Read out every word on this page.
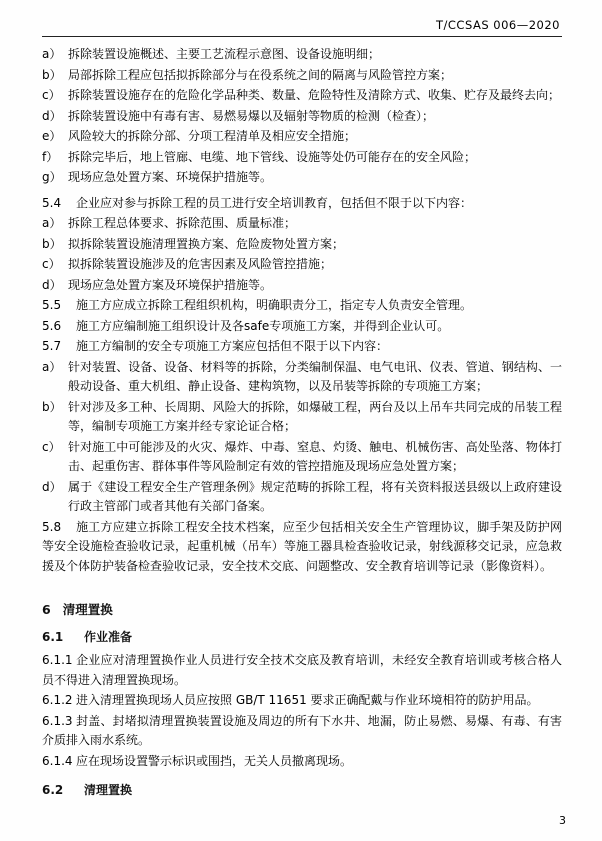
T/CCSAS 006—2020

a） 拆除装置设施概述、主要工艺流程示意图、设备设施明细；

b） 局部拆除工程应包括拟拆除部分与在役系统之间的隔离与风险管控方案；

c） 拆除装置设施存在的危险化学品种类、数量、危险特性及清除方式、收集、贮存及最终去向；

d） 拆除装置设施中有毒有害、易燃易爆以及辐射等物质的检测（检查）；

e） 风险较大的拆除分部、分项工程清单及相应安全措施；

f） 拆除完毕后，地上管廊、电缆、地下管线、设施等处仍可能存在的安全风险；

g） 现场应急处置方案、环境保护措施等。

5.4 企业应对参与拆除工程的员工进行安全培训教育，包括但不限于以下内容：

a） 拆除工程总体要求、拆除范围、质量标准；

b） 拟拆除装置设施清理置换方案、危险废物处置方案；

c） 拟拆除装置设施涉及的危害因素及风险管控措施；

d） 现场应急处置方案及环境保护措施等。

5.5 施工方应成立拆除工程组织机构，明确职责分工，指定专人负责安全管理。

5.6 施工方应编制施工组织设计及各safe专项施工方案，并得到企业认可。

5.7 施工方编制的安全专项施工方案应包括但不限于以下内容：

a） 针对装置、设备、设备、材料等的拆除，分类编制保温、电气电讯、仪表、管道、钢结构、一般动设备、重大机组、静止设备、建构筑物，以及吊装等拆除的专项施工方案；

b） 针对涉及多工种、长周期、风险大的拆除，如爆破工程，两台及以上吊车共同完成的吊装工程等，编制专项施工方案并经专家论证合格；

c） 针对施工中可能涉及的火灾、爆炸、中毒、窒息、灼烫、触电、机械伤害、高处坠落、物体打击、起重伤害、群体事件等风险制定有效的管控措施及现场应急处置方案；

d） 属于《建设工程安全生产管理条例》规定范畴的拆除工程，将有关资料报送县级以上政府建设行政主管部门或者其他有关部门备案。

5.8 施工方应建立拆除工程安全技术档案，应至少包括相关安全生产管理协议，脚手架及防护网等安全设施检查验收记录，起重机械（吊车）等施工器具检查验收记录，射线源移交记录，应急救援及个体防护装备检查验收记录，安全技术交底、问题整改、安全教育培训等记录（影像资料）。

6 清理置换

6.1 作业准备

6.1.1 企业应对清理置换作业人员进行安全技术交底及教育培训，未经安全教育培训或考核合格人员不得进入清理置换现场。

6.1.2 进入清理置换现场人员应按照 GB/T 11651 要求正确配戴与作业环境相符的防护用品。

6.1.3 封盖、封堵拟清理置换装置设施及周边的所有下水井、地漏，防止易燃、易爆、有毒、有害介质排入雨水系统。

6.1.4 应在现场设置警示标识或围挡，无关人员撤离现场。

6.2 清理置换

3
